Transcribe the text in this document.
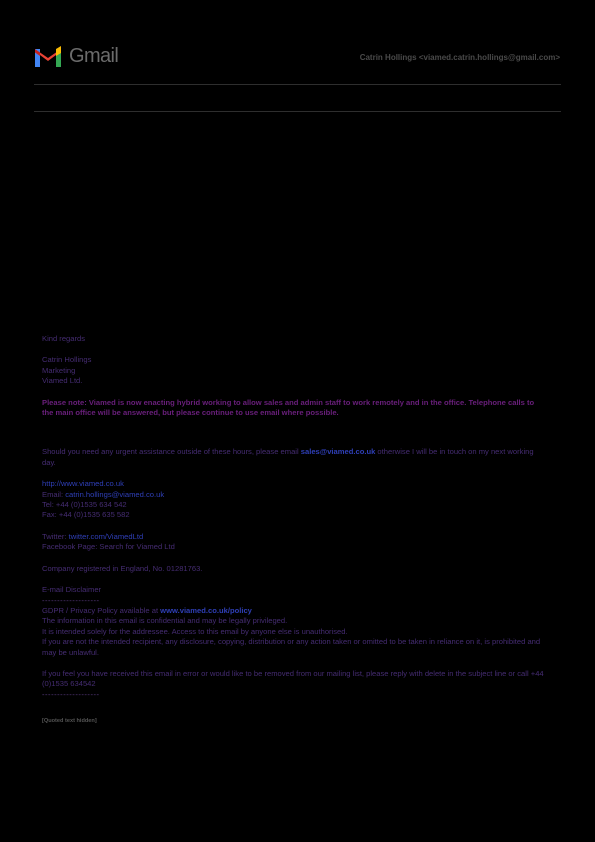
Gmail	Catrin Hollings <viamed.catrin.hollings@gmail.com>

Kind regards

Catrin Hollings

Marketing

Viamed Ltd.

Please note: Viamed is now enacting hybrid working to allow sales and admin staff to work remotely and in the office. Telephone calls to the main office will be answered, but please continue to use email where possible.

Should you need any urgent assistance outside of these hours, please email sales@viamed.co.uk otherwise I will be in touch on my next working day.

http://www.viamed.co.uk

Email: catrin.hollings@viamed.co.uk

Tel: +44 (0)1535 634 542

Fax: +44 (0)1535 635 582

Twitter: twitter.com/ViamedLtd

Facebook Page: Search for Viamed Ltd

Company registered in England, No. 01281763.

E-mail Disclaimer

-------------------

GDPR / Privacy Policy available at www.viamed.co.uk/policy

The information in this email is confidential and may be legally privileged.

It is intended solely for the addressee. Access to this email by anyone else is unauthorised.

If you are not the intended recipient, any disclosure, copying, distribution or any action taken or omitted to be taken in reliance on it, is prohibited and may be unlawful.

If you feel you have received this email in error or would like to be removed from our mailing list, please reply with delete in the subject line or call +44 (0)1535 634542

-------------------

[Quoted text hidden]
